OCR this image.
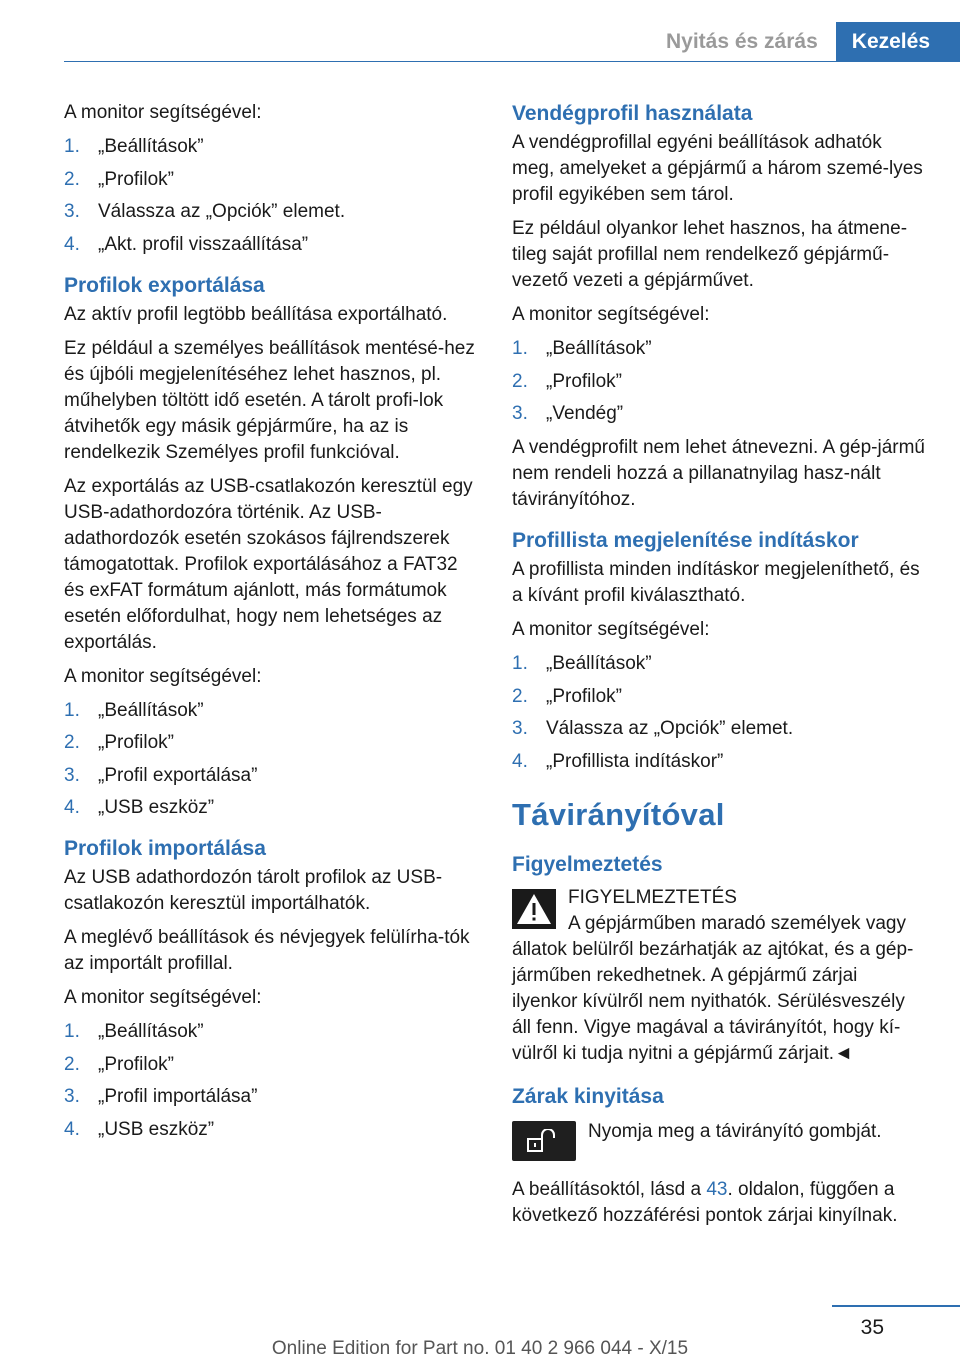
Nyitás és zárás	Kezelés

A monitor segítségével:

1. „Beállítások”
2. „Profilok”
3. Válassza az „Opciók” elemet.
4. „Akt. profil visszaállítása”
Profilok exportálása

Az aktív profil legtöbb beállítása exportálható.

Ez például a személyes beállítások mentésé-hez és újbóli megjelenítéséhez lehet hasznos, pl. műhelyben töltött idő esetén. A tárolt profi-lok átvihetők egy másik gépjárműre, ha az is rendelkezik Személyes profil funkcióval.

Az exportálás az USB-csatlakozón keresztül egy USB-adathordozóra történik. Az USB-adathordozók esetén szokásos fájlrendszerek támogatottak. Profilok exportálásához a FAT32 és exFAT formátum ajánlott, más formátumok esetén előfordulhat, hogy nem lehetséges az exportálás.

A monitor segítségével:

1. „Beállítások”
2. „Profilok”
3. „Profil exportálása”
4. „USB eszköz”
Profilok importálása

Az USB adathordozón tárolt profilok az USB-csatlakozón keresztül importálhatók.

A meglévő beállítások és névjegyek felülírha-tók az importált profillal.

A monitor segítségével:

1. „Beállítások”
2. „Profilok”
3. „Profil importálása”
4. „USB eszköz”
Vendégprofil használata

A vendégprofillal egyéni beállítások adhatók meg, amelyeket a gépjármű a három szemé-lyes profil egyikében sem tárol.

Ez például olyankor lehet hasznos, ha átmene-tileg saját profillal nem rendelkező gépjármű-vezető vezeti a gépjárművet.

A monitor segítségével:

1. „Beállítások”
2. „Profilok”
3. „Vendég”

A vendégprofilt nem lehet átnevezni. A gép-jármű nem rendeli hozzá a pillanatnyilag hasz-nált távirányítóhoz.

Profillista megjelenítése indításkor

A profillista minden indításkor megjeleníthető, és a kívánt profil kiválasztható.

A monitor segítségével:

1. „Beállítások”
2. „Profilok”
3. Válassza az „Opciók” elemet.
4. „Profillista indításkor”
Távirányítóval
Figyelmeztetés

FIGYELMEZTETÉS

A gépjárműben maradó személyek vagy állatok belülről bezárhatják az ajtókat, és a gép-járműben rekedhetnek. A gépjármű zárjai ilyenkor kívülről nem nyithatók. Sérülésveszély áll fenn. Vigye magával a távirányítót, hogy kí-vülről ki tudja nyitni a gépjármű zárjait.◄

Zárak kinyitása

Nyomja meg a távirányító gombját.

A beállításoktól, lásd a 43. oldalon, függően a következő hozzáférési pontok zárjai kinyílnak.

35
Online Edition for Part no. 01 40 2 966 044 - X/15
